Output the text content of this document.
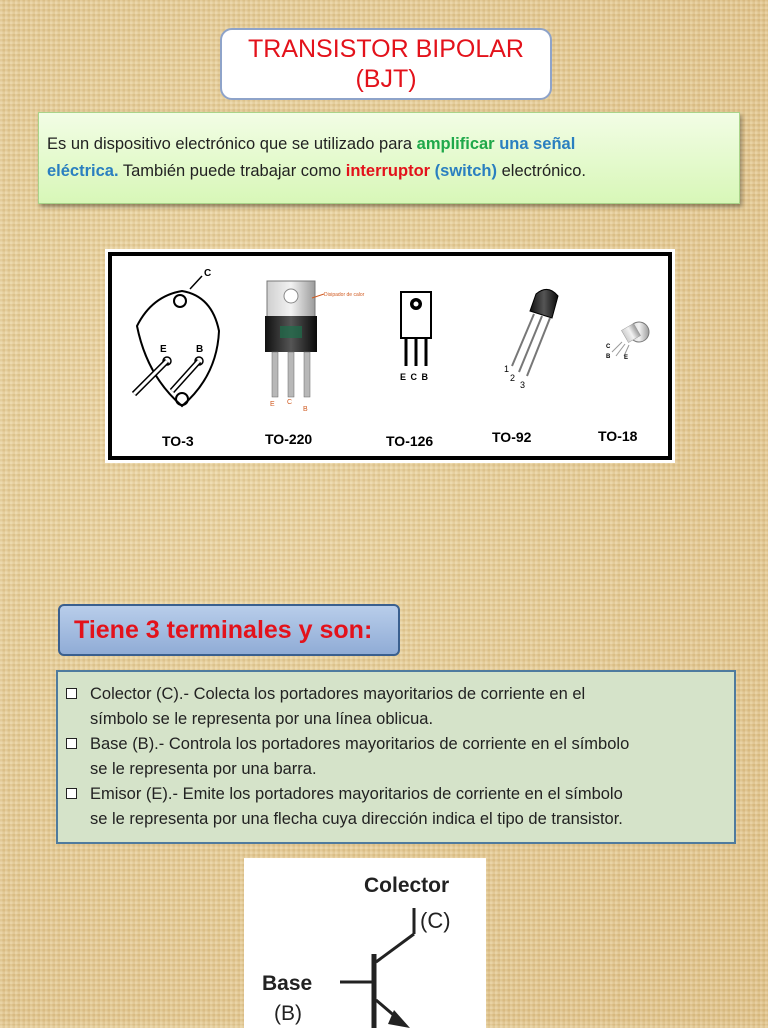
TRANSISTOR BIPOLAR
(BJT)
Es un dispositivo electrónico que se utilizado para amplificar una señal
eléctrica. También puede trabajar como interruptor (switch) electrónico.
C
E	B
TO-3
Disipador de calor
E C
B
TO-220
E C B
TO-126
1
2
3
TO-92
C
B E
TO-18
Tiene 3 terminales y son:
Colector (C).- Colecta los portadores mayoritarios de corriente en el
símbolo se le representa por una línea oblicua.
Base (B).- Controla los portadores mayoritarios de corriente en el símbolo
se le representa por una barra.
Emisor (E).- Emite los portadores mayoritarios de corriente en el símbolo
se le representa por una flecha cuya dirección indica el tipo de transistor.
Colector
(C)
Base
(B)
